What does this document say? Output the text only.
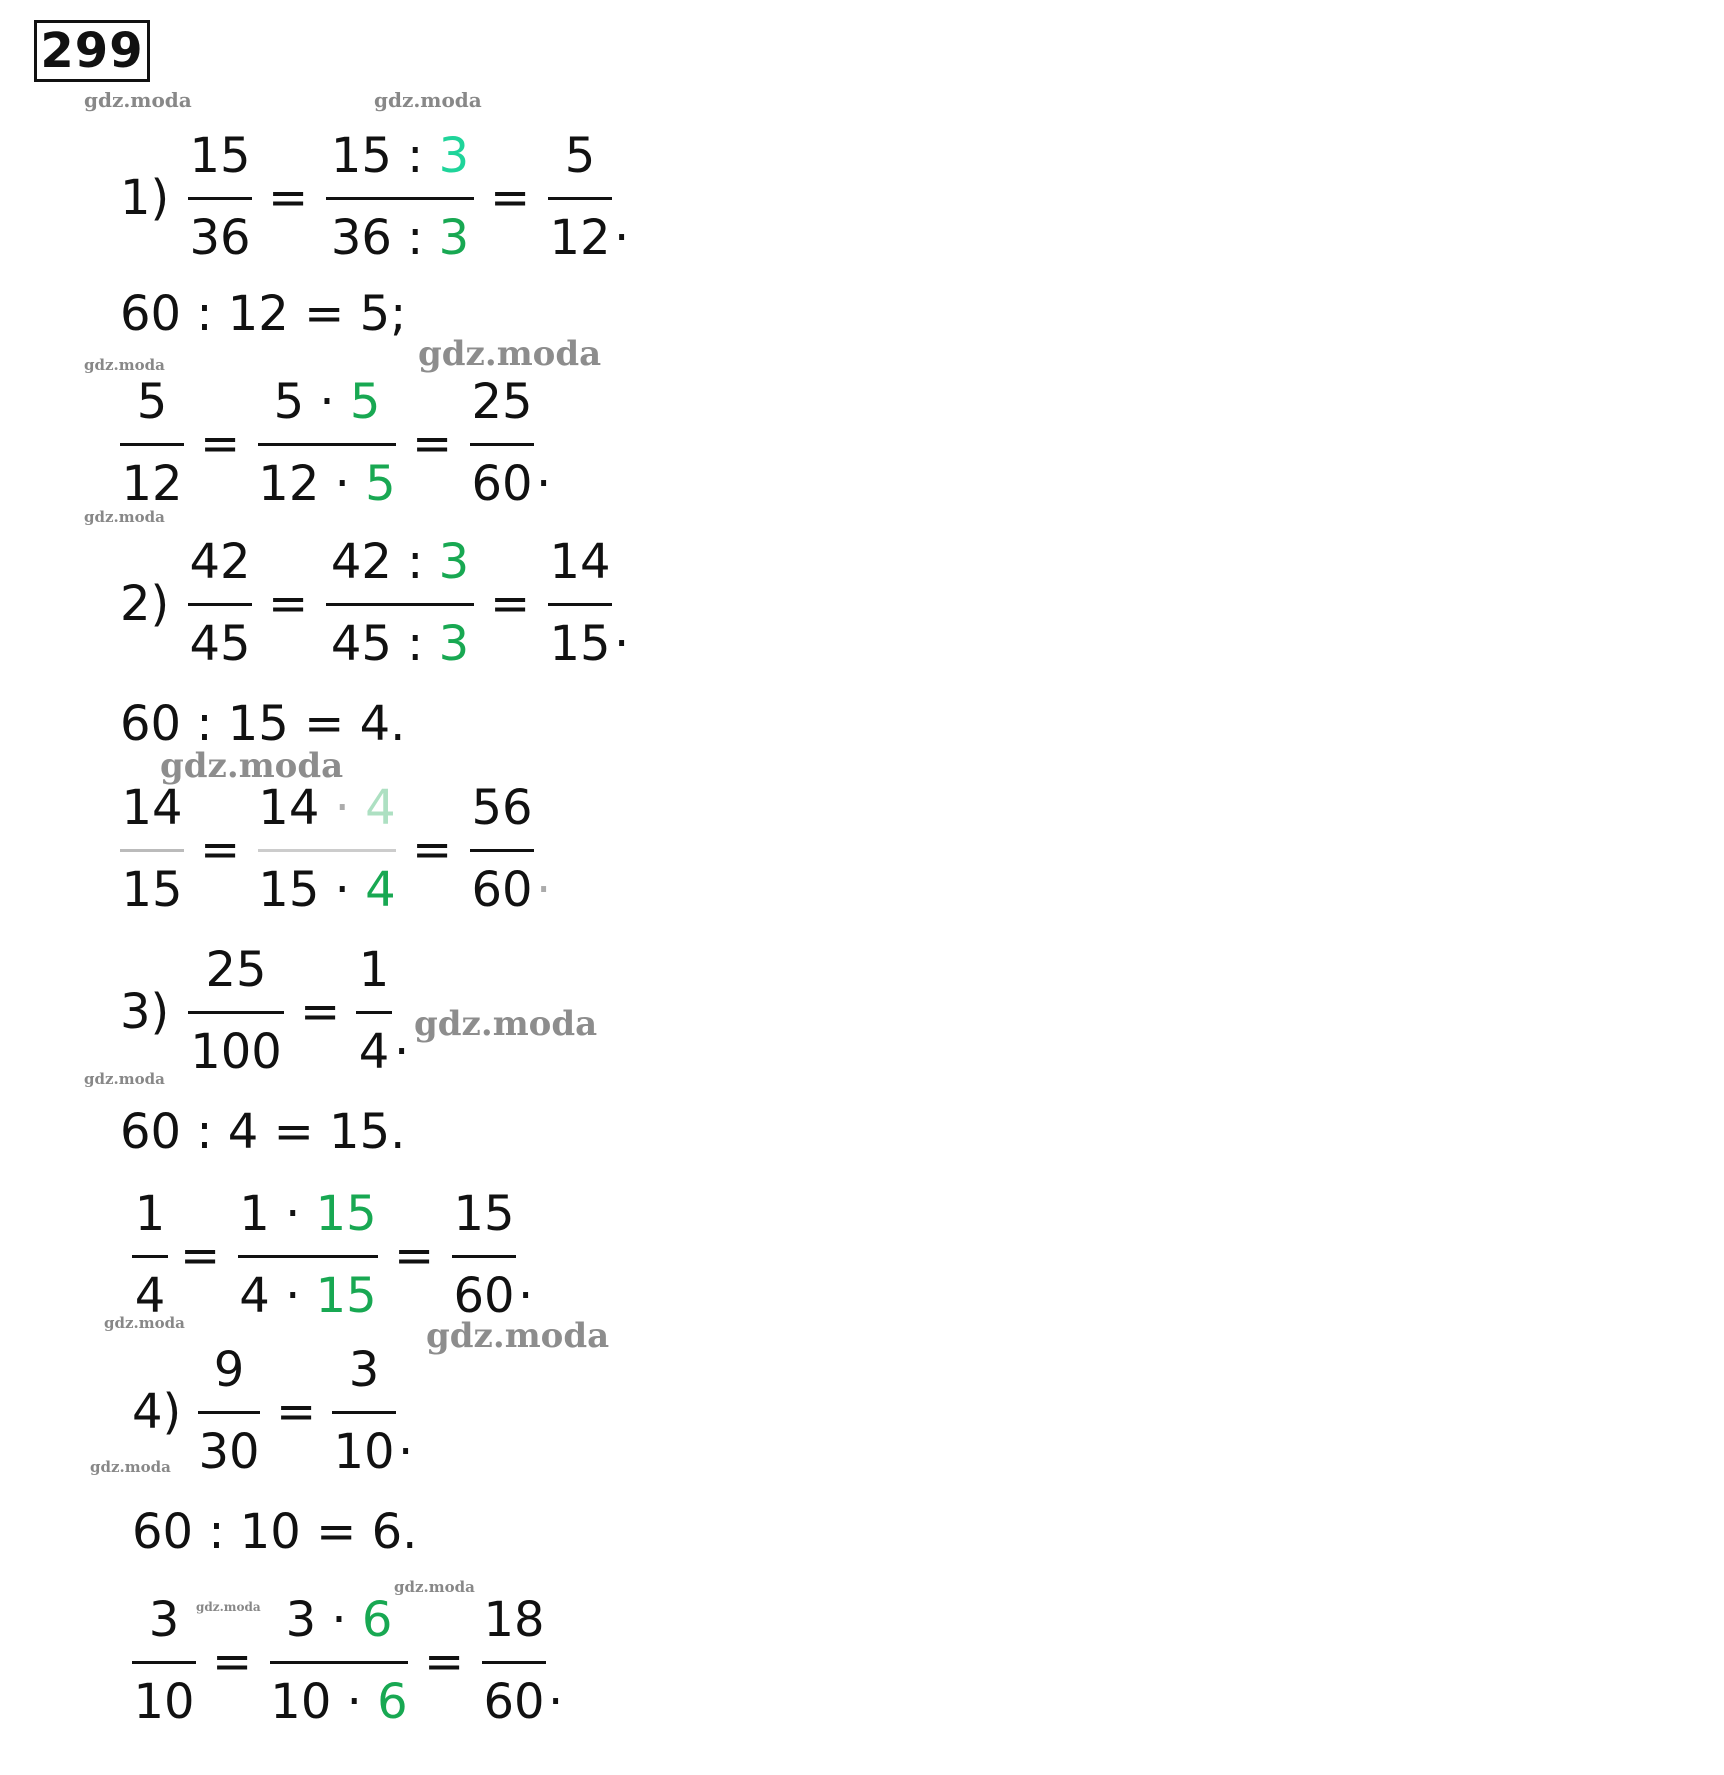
299
1)
15
36
=
15 : 3
36 : 3
=
5
12 .
60 : 12 = 5;
5
12
=
5 · 5
12 · 5
=
25
60 .
2)
42
45
=
42 : 3
45 : 3
=
14
15 .
60 : 15 = 4.
14
15
=
14 · 4
15 · 4
=
56
60 .
3)
25
100
=
1
4 .
60 : 4 = 15.
1
4
=
1 · 15
4 · 15
=
15
60 .
4)
9
30
=
3
10 .
60 : 10 = 6.
3
10
=
3 · 6
10 · 6
=
18
60 .
gdz.moda	gdz.moda
gdz.moda	gdz.moda
gdz.moda
gdz.moda
gdz.moda
gdz.moda
gdz.moda	gdz.moda
gdz.moda
gdz.moda
gdz.moda
